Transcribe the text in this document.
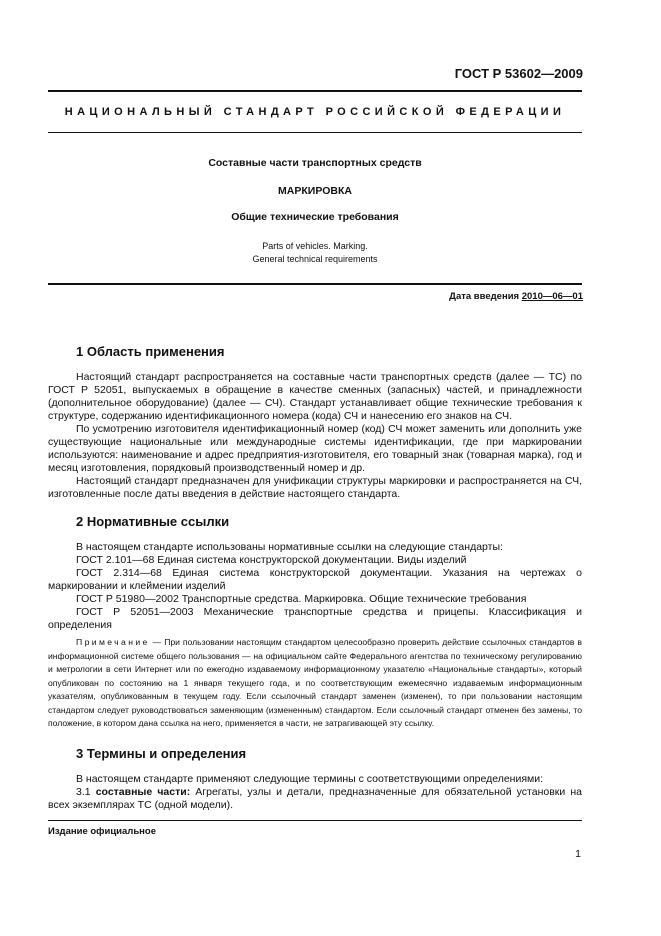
ГОСТ Р 53602—2009
НАЦИОНАЛЬНЫЙ СТАНДАРТ РОССИЙСКОЙ ФЕДЕРАЦИИ
Составные части транспортных средств
МАРКИРОВКА
Общие технические требования
Parts of vehicles. Marking.
General technical requirements
Дата введения 2010—06—01
1 Область применения

Настоящий стандарт распространяется на составные части транспортных средств (далее — ТС) по ГОСТ Р 52051, выпускаемых в обращение в качестве сменных (запасных) частей, и принадлежности (дополнительное оборудование) (далее — СЧ). Стандарт устанавливает общие технические требования к структуре, содержанию идентификационного номера (кода) СЧ и нанесению его знаков на СЧ.

По усмотрению изготовителя идентификационный номер (код) СЧ может заменить или дополнить уже существующие национальные или международные системы идентификации, где при маркировании используются: наименование и адрес предприятия-изготовителя, его товарный знак (товарная марка), год и месяц изготовления, порядковый производственный номер и др.

Настоящий стандарт предназначен для унификации структуры маркировки и распространяется на СЧ, изготовленные после даты введения в действие настоящего стандарта.

2 Нормативные ссылки

В настоящем стандарте использованы нормативные ссылки на следующие стандарты:

ГОСТ 2.101—68 Единая система конструкторской документации. Виды изделий

ГОСТ 2.314—68 Единая система конструкторской документации. Указания на чертежах о маркировании и клеймении изделий

ГОСТ Р 51980—2002 Транспортные средства. Маркировка. Общие технические требования

ГОСТ Р 52051—2003 Механические транспортные средства и прицепы. Классификация и определения

Примечание — При пользовании настоящим стандартом целесообразно проверить действие ссылочных стандартов в информационной системе общего пользования — на официальном сайте Федерального агентства по техническому регулированию и метрологии в сети Интернет или по ежегодно издаваемому информационному указателю «Национальные стандарты», который опубликован по состоянию на 1 января текущего года, и по соответствующим ежемесячно издаваемым информационным указателям, опубликованным в текущем году. Если ссылочный стандарт заменен (изменен), то при пользовании настоящим стандартом следует руководствоваться заменяющим (измененным) стандартом. Если ссылочный стандарт отменен без замены, то положение, в котором дана ссылка на него, применяется в части, не затрагивающей эту ссылку.

3 Термины и определения

В настоящем стандарте применяют следующие термины с соответствующими определениями:

3.1 составные части: Агрегаты, узлы и детали, предназначенные для обязательной установки на всех экземплярах ТС (одной модели).

Издание официальное
1
